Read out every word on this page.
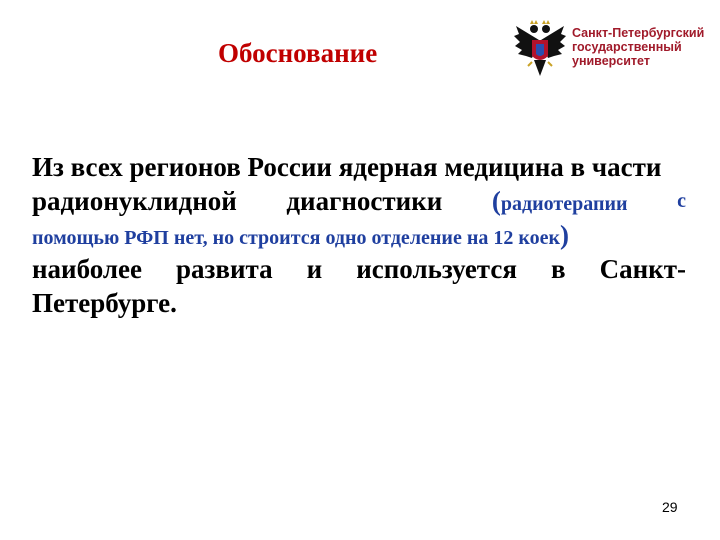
Обоснование
Санкт-Петербургский
государственный
университет
Из всех регионов России ядерная медицина в части
радионуклидной диагностики (радиотерапии с
помощью РФП нет, но строится одно отделение на 12 коек)
наиболее развита и используется в Санкт-
Петербурге.
29
